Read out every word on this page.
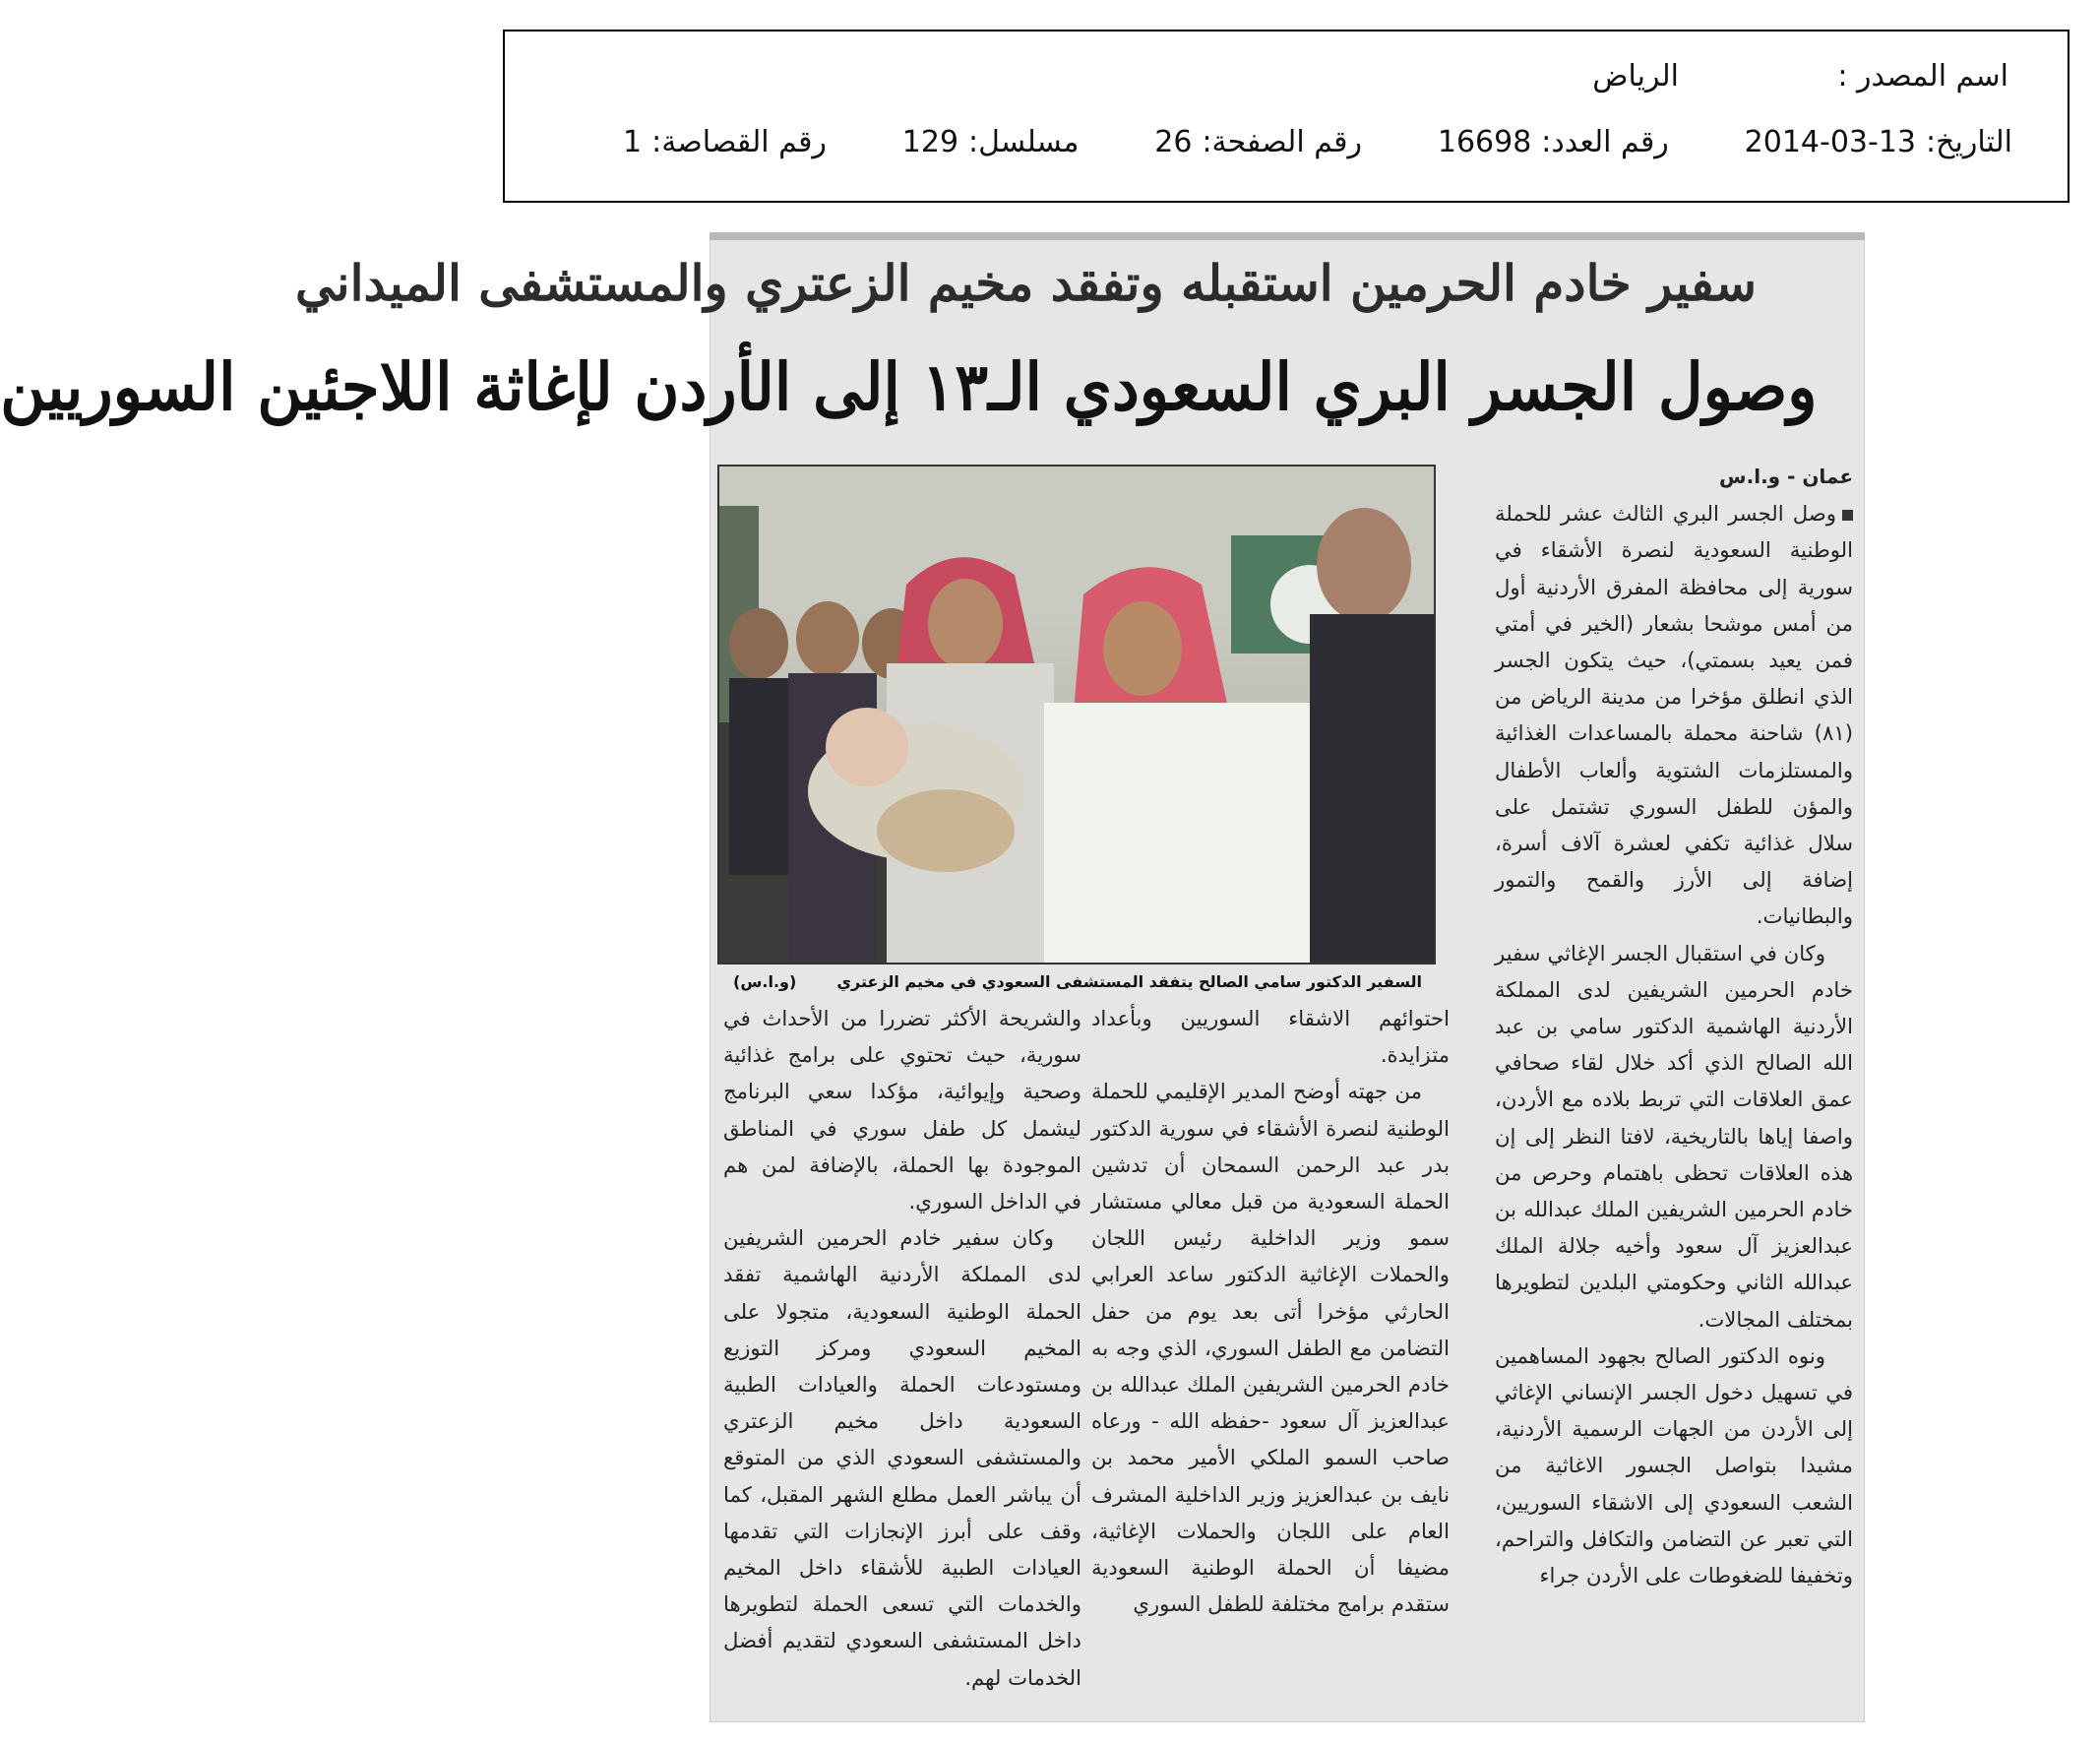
اسم المصدر :
الرياض
التاريخ:
2014-03-13
رقم العدد:
16698
رقم الصفحة:
26
مسلسل:
129
رقم القصاصة:
1
سفير خادم الحرمين استقبله وتفقد مخيم الزعتري والمستشفى الميداني
وصول الجسر البري السعودي الـ١٣ إلى الأردن لإغاثة اللاجئين السوريين
السفير الدكتور سامي الصالح يتفقد المستشفى السعودي في مخيم الزعتري
(و.ا.س)
عمان - و.ا.س

وصل الجسر البري الثالث عشر للحملة الوطنية السعودية لنصرة الأشقاء في سورية إلى محافظة المفرق الأردنية أول من أمس موشحا بشعار (الخير في أمتي فمن يعيد بسمتي)، حيث يتكون الجسر الذي انطلق مؤخرا من مدينة الرياض من (٨١) شاحنة محملة بالمساعدات الغذائية والمستلزمات الشتوية وألعاب الأطفال والمؤن للطفل السوري تشتمل على سلال غذائية تكفي لعشرة آلاف أسرة، إضافة إلى الأرز والقمح والتمور والبطانيات.

وكان في استقبال الجسر الإغاثي سفير خادم الحرمين الشريفين لدى المملكة الأردنية الهاشمية الدكتور سامي بن عبد الله الصالح الذي أكد خلال لقاء صحافي عمق العلاقات التي تربط بلاده مع الأردن، واصفا إياها بالتاريخية، لافتا النظر إلى إن هذه العلاقات تحظى باهتمام وحرص من خادم الحرمين الشريفين الملك عبدالله بن عبدالعزيز آل سعود وأخيه جلالة الملك عبدالله الثاني وحكومتي البلدين لتطويرها بمختلف المجالات.

ونوه الدكتور الصالح بجهود المساهمين في تسهيل دخول الجسر الإنساني الإغاثي إلى الأردن من الجهات الرسمية الأردنية، مشيدا بتواصل الجسور الاغاثية من الشعب السعودي إلى الاشقاء السوريين، التي تعبر عن التضامن والتكافل والتراحم، وتخفيفا للضغوطات على الأردن جراء

احتوائهم الاشقاء السوريين وبأعداد متزايدة.

من جهته أوضح المدير الإقليمي للحملة الوطنية لنصرة الأشقاء في سورية الدكتور بدر عبد الرحمن السمحان أن تدشين الحملة السعودية من قبل معالي مستشار سمو وزير الداخلية رئيس اللجان والحملات الإغاثية الدكتور ساعد العرابي الحارثي مؤخرا أتى بعد يوم من حفل التضامن مع الطفل السوري، الذي وجه به خادم الحرمين الشريفين الملك عبدالله بن عبدالعزيز آل سعود -حفظه الله - ورعاه صاحب السمو الملكي الأمير محمد بن نايف بن عبدالعزيز وزير الداخلية المشرف العام على اللجان والحملات الإغاثية، مضيفا أن الحملة الوطنية السعودية ستقدم برامج مختلفة للطفل السوري

والشريحة الأكثر تضررا من الأحداث في سورية، حيث تحتوي على برامج غذائية وصحية وإيوائية، مؤكدا سعي البرنامج ليشمل كل طفل سوري في المناطق الموجودة بها الحملة، بالإضافة لمن هم في الداخل السوري.

وكان سفير خادم الحرمين الشريفين لدى المملكة الأردنية الهاشمية تفقد الحملة الوطنية السعودية، متجولا على المخيم السعودي ومركز التوزيع ومستودعات الحملة والعيادات الطبية السعودية داخل مخيم الزعتري والمستشفى السعودي الذي من المتوقع أن يباشر العمل مطلع الشهر المقبل، كما وقف على أبرز الإنجازات التي تقدمها العيادات الطبية للأشقاء داخل المخيم والخدمات التي تسعى الحملة لتطويرها داخل المستشفى السعودي لتقديم أفضل الخدمات لهم.
